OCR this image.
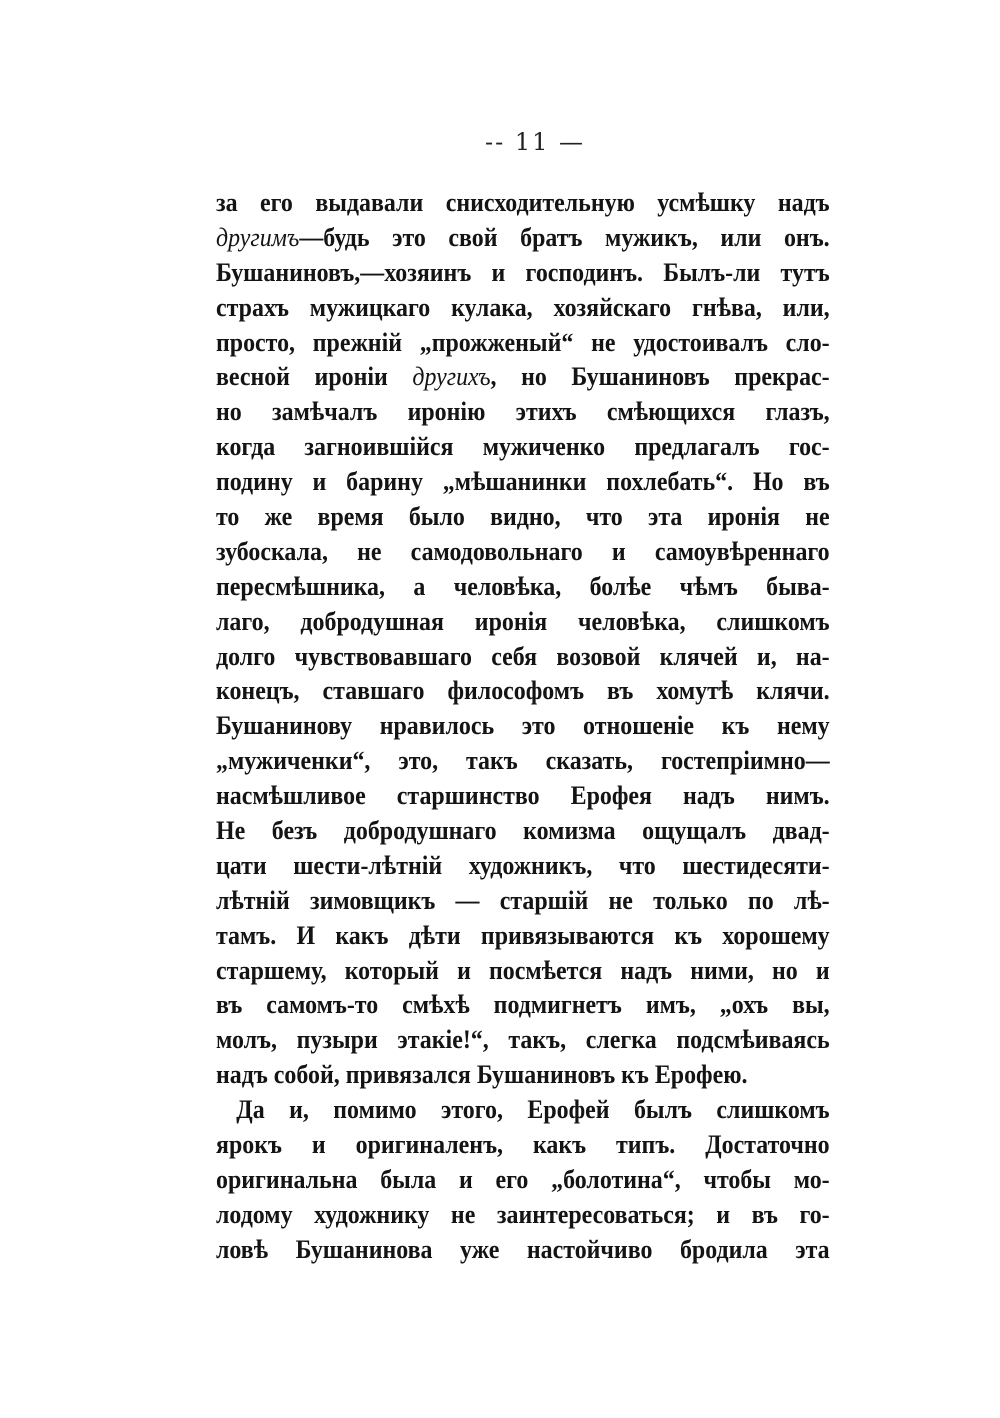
-- 11 —
за его выдавали снисходительную усмѣшку надъ
другимъ—будь это свой братъ мужикъ, или онъ.
Бушаниновъ,—хозяинъ и господинъ. Былъ-ли тутъ
страхъ мужицкаго кулака, хозяйскаго гнѣва, или,
просто, прежній „прожженый“ не удостоивалъ сло-
весной ироніи другихъ, но Бушаниновъ прекрас-
но замѣчалъ иронію этихъ смѣющихся глазъ,
когда загноившійся мужиченко предлагалъ гос-
подину и барину „мѣшанинки похлебать“. Но въ
то же время было видно, что эта иронія не
зубоскала, не самодовольнаго и самоувѣреннаго
пересмѣшника, а человѣка, болѣе чѣмъ быва-
лаго, добродушная иронія человѣка, слишкомъ
долго чувствовавшаго себя возовой клячей и, на-
конецъ, ставшаго философомъ въ хомутѣ клячи.
Бушанинову нравилось это отношеніе къ нему
„мужиченки“, это, такъ сказать, гостепріимно—
насмѣшливое старшинство Ерофея надъ нимъ.
Не безъ добродушнаго комизма ощущалъ двад-
цати шести-лѣтній художникъ, что шестидесяти-
лѣтній зимовщикъ — старшій не только по лѣ-
тамъ. И какъ дѣти привязываются къ хорошему
старшему, который и посмѣется надъ ними, но и
въ самомъ-то смѣхѣ подмигнетъ имъ, „охъ вы,
молъ, пузыри этакіе!“, такъ, слегка подсмѣиваясь
надъ собой, привязался Бушаниновъ къ Ерофею.
Да и, помимо этого, Ерофей былъ слишкомъ
ярокъ и оригиналенъ, какъ типъ. Достаточно
оригинальна была и его „болотина“, чтобы мо-
лодому художнику не заинтересоваться; и въ го-
ловѣ Бушанинова уже настойчиво бродила эта
